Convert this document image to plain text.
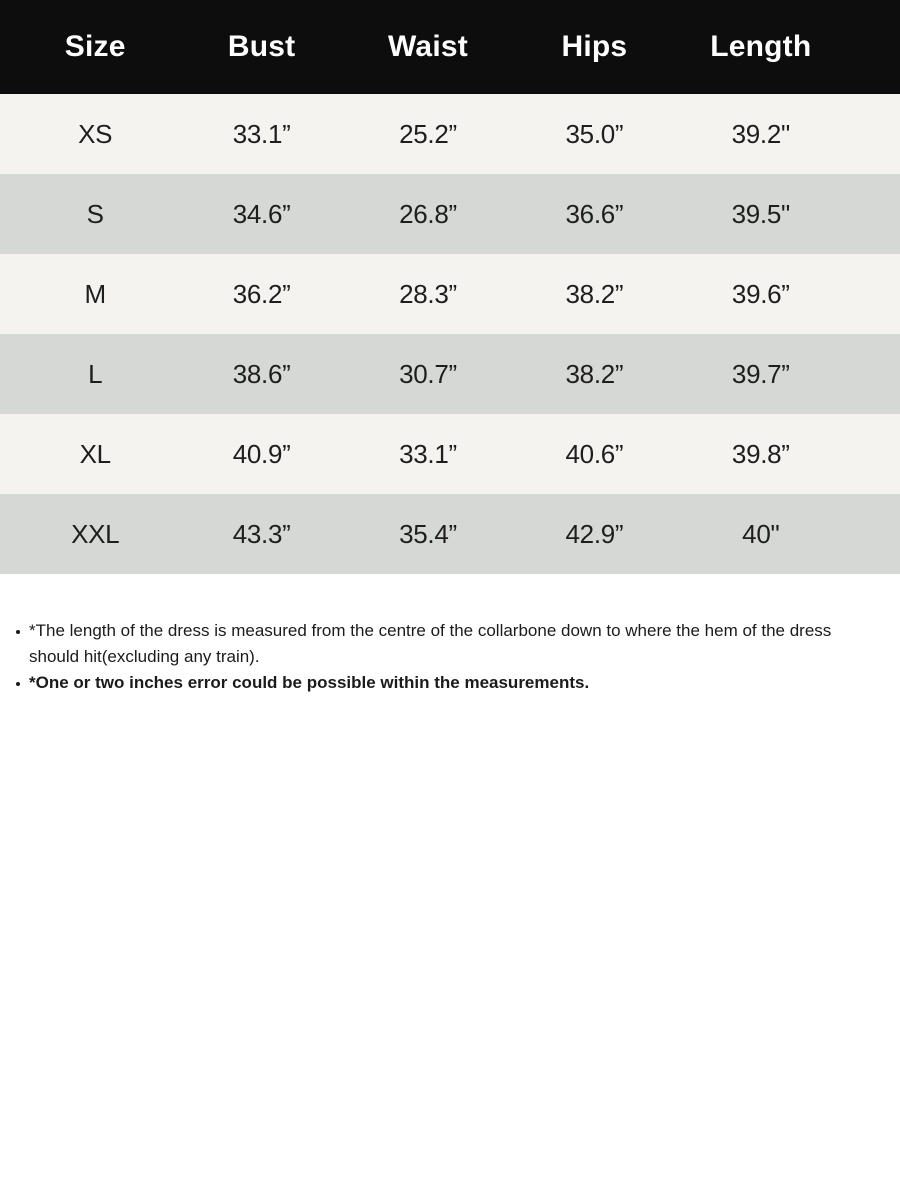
Size	Bust	Waist	Hips	Length
XS	33.1”	25.2”	35.0”	39.2"
S	34.6”	26.8”	36.6”	39.5"
M	36.2”	28.3”	38.2”	39.6”
L	38.6”	30.7”	38.2”	39.7”
XL	40.9”	33.1”	40.6”	39.8”
XXL	43.3”	35.4”	42.9”	40"
*The length of the dress is measured from the centre of the collarbone down to where the hem of the dress should hit(excluding any train).
*One or two inches error could be possible within the measurements.
